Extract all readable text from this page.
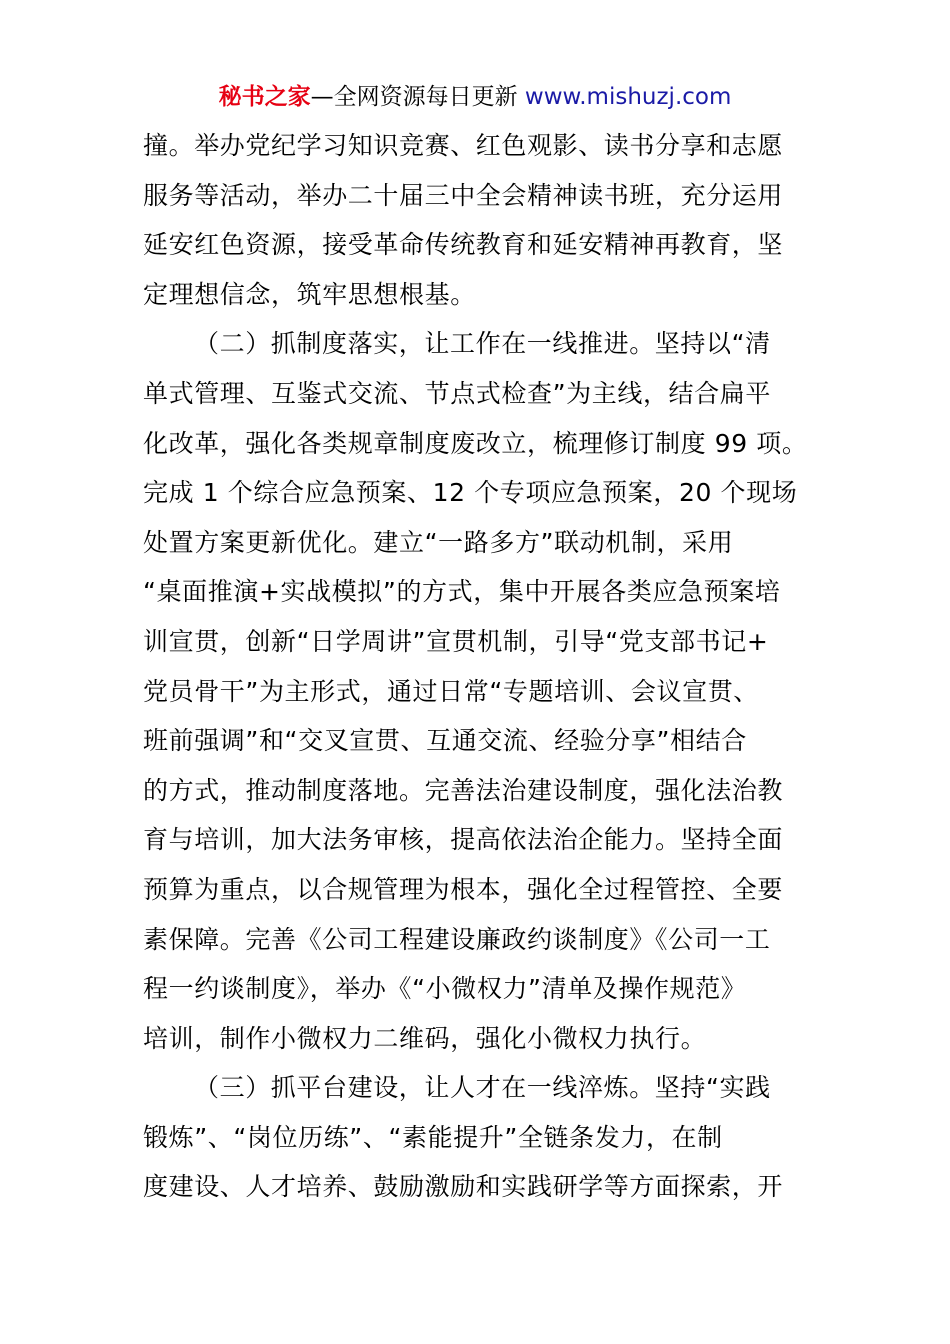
秘书之家—全网资源每日更新 www.mishuzj.com
撞。举办党纪学习知识竞赛、红色观影、读书分享和志愿
服务等活动，举办二十届三中全会精神读书班，充分运用
延安红色资源，接受革命传统教育和延安精神再教育，坚
定理想信念，筑牢思想根基。
（二）抓制度落实，让工作在一线推进。坚持以“清
单式管理、互鉴式交流、节点式检查”为主线，结合扁平
化改革，强化各类规章制度废改立，梳理修订制度 99 项。
完成 1 个综合应急预案、12 个专项应急预案，20 个现场
处置方案更新优化。建立“一路多方”联动机制，采用
“桌面推演+实战模拟”的方式，集中开展各类应急预案培
训宣贯，创新“日学周讲”宣贯机制，引导“党支部书记+
党员骨干”为主形式，通过日常“专题培训、会议宣贯、
班前强调”和“交叉宣贯、互通交流、经验分享”相结合
的方式，推动制度落地。完善法治建设制度，强化法治教
育与培训，加大法务审核，提高依法治企能力。坚持全面
预算为重点，以合规管理为根本，强化全过程管控、全要
素保障。完善《公司工程建设廉政约谈制度》《公司一工
程一约谈制度》，举办《“小微权力”清单及操作规范》
培训，制作小微权力二维码，强化小微权力执行。
（三）抓平台建设，让人才在一线淬炼。坚持“实践
锻炼”、“岗位历练”、“素能提升”全链条发力，在制
度建设、人才培养、鼓励激励和实践研学等方面探索，开
